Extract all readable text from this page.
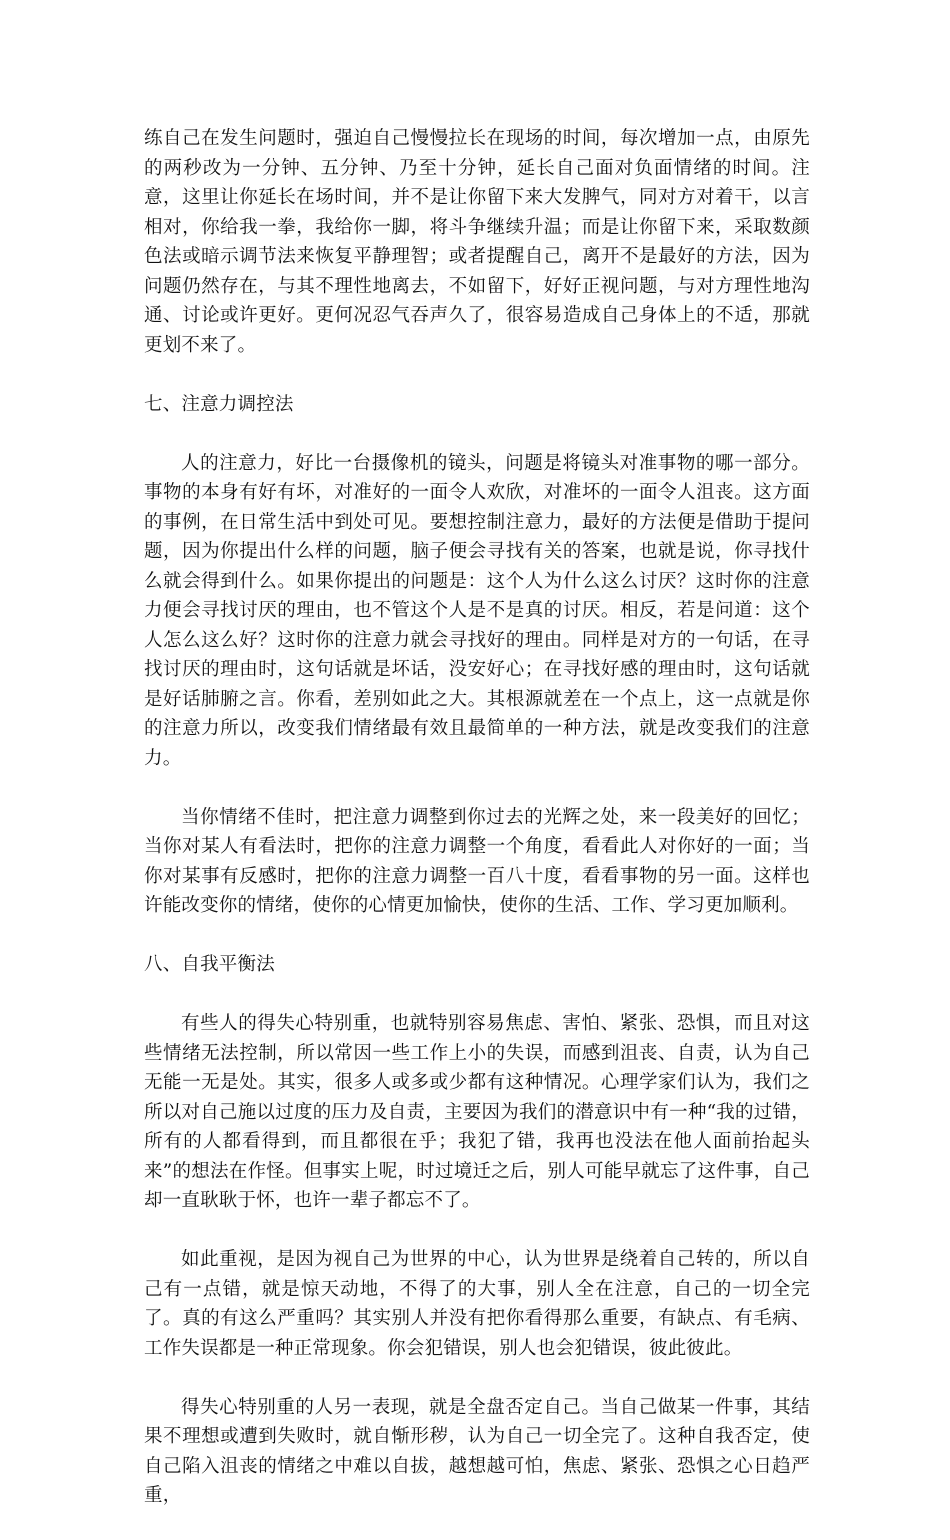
练自己在发生问题时，强迫自己慢慢拉长在现场的时间，每次增加一点，由原先的两秒改为一分钟、五分钟、乃至十分钟，延长自己面对负面情绪的时间。注意，这里让你延长在场时间，并不是让你留下来大发脾气，同对方对着干，以言相对，你给我一拳，我给你一脚，将斗争继续升温；而是让你留下来，采取数颜色法或暗示调节法来恢复平静理智；或者提醒自己，离开不是最好的方法，因为问题仍然存在，与其不理性地离去，不如留下，好好正视问题，与对方理性地沟通、讨论或许更好。更何况忍气吞声久了，很容易造成自己身体上的不适，那就更划不来了。

七、注意力调控法

人的注意力，好比一台摄像机的镜头，问题是将镜头对准事物的哪一部分。事物的本身有好有坏，对准好的一面令人欢欣，对准坏的一面令人沮丧。这方面的事例，在日常生活中到处可见。要想控制注意力，最好的方法便是借助于提问题，因为你提出什么样的问题，脑子便会寻找有关的答案，也就是说，你寻找什么就会得到什么。如果你提出的问题是：这个人为什么这么讨厌？这时你的注意力便会寻找讨厌的理由，也不管这个人是不是真的讨厌。相反，若是问道：这个人怎么这么好？这时你的注意力就会寻找好的理由。同样是对方的一句话，在寻找讨厌的理由时，这句话就是坏话，没安好心；在寻找好感的理由时，这句话就是好话肺腑之言。你看，差别如此之大。其根源就差在一个点上，这一点就是你的注意力所以，改变我们情绪最有效且最简单的一种方法，就是改变我们的注意力。

当你情绪不佳时，把注意力调整到你过去的光辉之处，来一段美好的回忆；当你对某人有看法时，把你的注意力调整一个角度，看看此人对你好的一面；当你对某事有反感时，把你的注意力调整一百八十度，看看事物的另一面。这样也许能改变你的情绪，使你的心情更加愉快，使你的生活、工作、学习更加顺利。

八、自我平衡法

有些人的得失心特别重，也就特别容易焦虑、害怕、紧张、恐惧，而且对这些情绪无法控制，所以常因一些工作上小的失误，而感到沮丧、自责，认为自己无能一无是处。其实，很多人或多或少都有这种情况。心理学家们认为，我们之所以对自己施以过度的压力及自责，主要因为我们的潜意识中有一种“我的过错，所有的人都看得到，而且都很在乎；我犯了错，我再也没法在他人面前抬起头来”的想法在作怪。但事实上呢，时过境迁之后，别人可能早就忘了这件事，自己却一直耿耿于怀，也许一辈子都忘不了。

如此重视，是因为视自己为世界的中心，认为世界是绕着自己转的，所以自己有一点错，就是惊天动地，不得了的大事，别人全在注意，自己的一切全完了。真的有这么严重吗？其实别人并没有把你看得那么重要，有缺点、有毛病、工作失误都是一种正常现象。你会犯错误，别人也会犯错误，彼此彼此。

得失心特别重的人另一表现，就是全盘否定自己。当自己做某一件事，其结果不理想或遭到失败时，就自惭形秽，认为自己一切全完了。这种自我否定，使自己陷入沮丧的情绪之中难以自拔，越想越可怕，焦虑、紧张、恐惧之心日趋严重，
